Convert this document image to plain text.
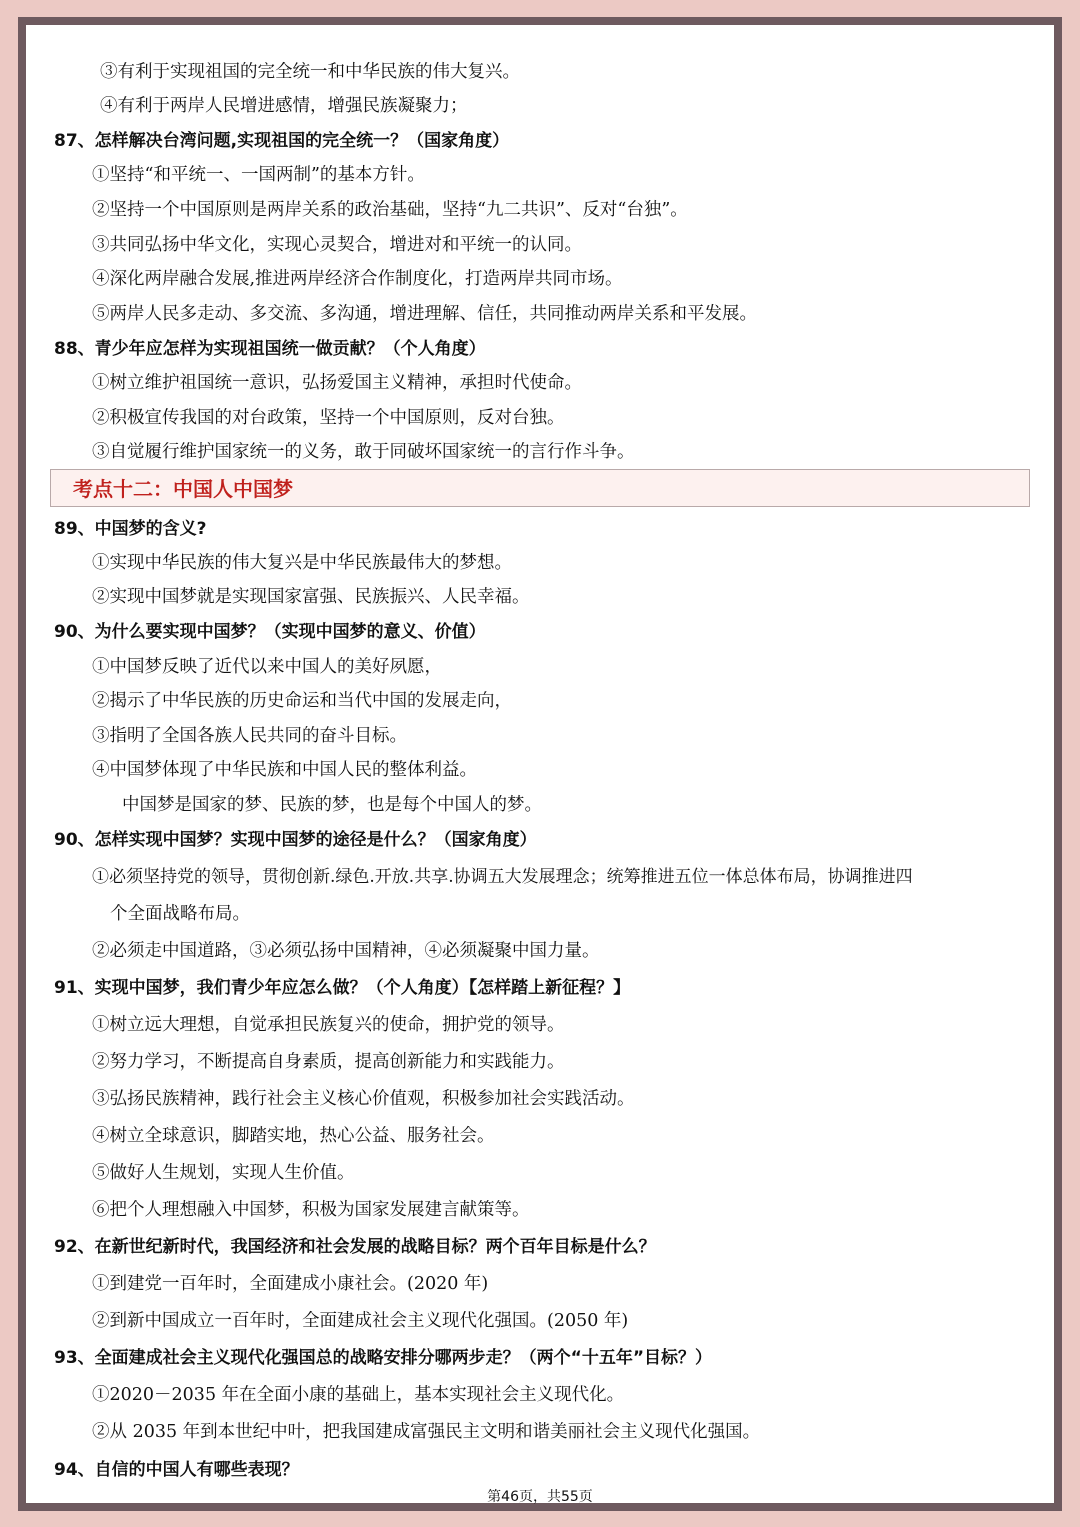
③有利于实现祖国的完全统一和中华民族的伟大复兴。
④有利于两岸人民增进感情，增强民族凝聚力；
87、怎样解决台湾问题,实现祖国的完全统一？（国家角度）
①坚持“和平统一、一国两制”的基本方针。
②坚持一个中国原则是两岸关系的政治基础，坚持“九二共识”、反对“台独”。
③共同弘扬中华文化，实现心灵契合，增进对和平统一的认同。
④深化两岸融合发展,推进两岸经济合作制度化，打造两岸共同市场。
⑤两岸人民多走动、多交流、多沟通，增进理解、信任，共同推动两岸关系和平发展。
88、青少年应怎样为实现祖国统一做贡献？（个人角度）
①树立维护祖国统一意识，弘扬爱国主义精神，承担时代使命。
②积极宣传我国的对台政策，坚持一个中国原则，反对台独。
③自觉履行维护国家统一的义务，敢于同破坏国家统一的言行作斗争。
考点十二：中国人中国梦
89、中国梦的含义?
①实现中华民族的伟大复兴是中华民族最伟大的梦想。
②实现中国梦就是实现国家富强、民族振兴、人民幸福。
90、为什么要实现中国梦？（实现中国梦的意义、价值）
①中国梦反映了近代以来中国人的美好夙愿，
②揭示了中华民族的历史命运和当代中国的发展走向，
③指明了全国各族人民共同的奋斗目标。
④中国梦体现了中华民族和中国人民的整体利益。
中国梦是国家的梦、民族的梦，也是每个中国人的梦。
90、怎样实现中国梦？实现中国梦的途径是什么？（国家角度）
①必须坚持党的领导，贯彻创新.绿色.开放.共享.协调五大发展理念；统筹推进五位一体总体布局，协调推进四
个全面战略布局。
②必须走中国道路，③必须弘扬中国精神，④必须凝聚中国力量。
91、实现中国梦，我们青少年应怎么做？（个人角度）【怎样踏上新征程？】
①树立远大理想，自觉承担民族复兴的使命，拥护党的领导。
②努力学习，不断提高自身素质，提高创新能力和实践能力。
③弘扬民族精神，践行社会主义核心价值观，积极参加社会实践活动。
④树立全球意识，脚踏实地，热心公益、服务社会。
⑤做好人生规划，实现人生价值。
⑥把个人理想融入中国梦，积极为国家发展建言献策等。
92、在新世纪新时代，我国经济和社会发展的战略目标？两个百年目标是什么？
①到建党一百年时，全面建成小康社会。(2020 年)
②到新中国成立一百年时，全面建成社会主义现代化强国。(2050 年)
93、全面建成社会主义现代化强国总的战略安排分哪两步走？（两个“十五年”目标？）
①2020－2035 年在全面小康的基础上，基本实现社会主义现代化。
②从 2035 年到本世纪中叶，把我国建成富强民主文明和谐美丽社会主义现代化强国。
94、自信的中国人有哪些表现？
第46页，共55页
